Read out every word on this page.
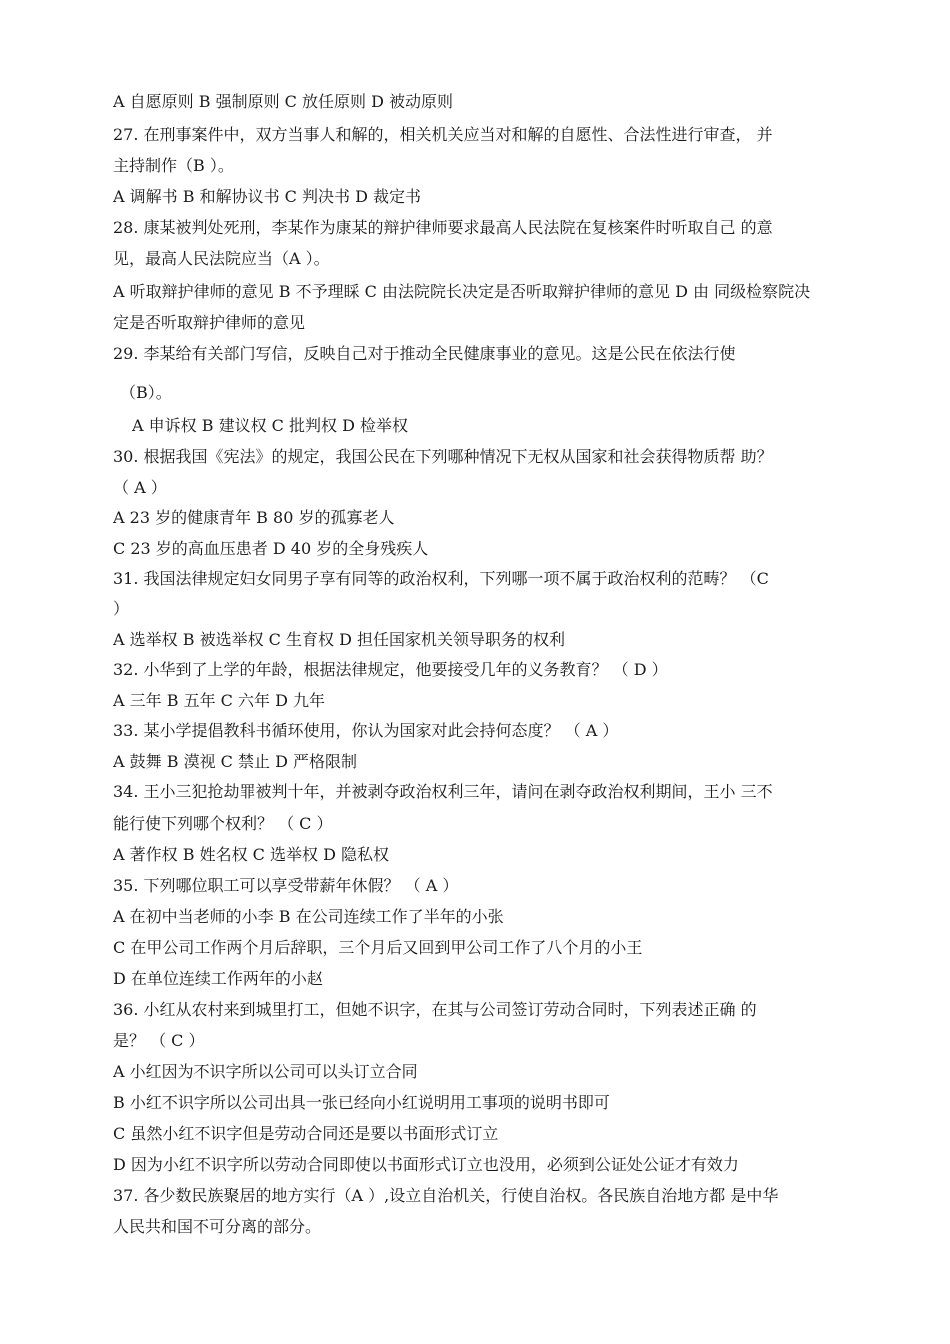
A 自愿原则 B 强制原则 C 放任原则 D 被动原则
27. 在刑事案件中，双方当事人和解的，相关机关应当对和解的自愿性、合法性进行审查， 并
主持制作（B ）。
A 调解书 B 和解协议书 C 判决书 D 裁定书
28. 康某被判处死刑，李某作为康某的辩护律师要求最高人民法院在复核案件时听取自己 的意
见，最高人民法院应当（A ）。
A 听取辩护律师的意见 B 不予理睬 C 由法院院长决定是否听取辩护律师的意见 D 由 同级检察院决
定是否听取辩护律师的意见
29. 李某给有关部门写信，反映自己对于推动全民健康事业的意见。这是公民在依法行使
（B）。
A 申诉权 B 建议权 C 批判权 D 检举权
30. 根据我国《宪法》的规定，我国公民在下列哪种情况下无权从国家和社会获得物质帮 助？
（ A ）
A 23 岁的健康青年 B 80 岁的孤寡老人
C 23 岁的高血压患者 D 40 岁的全身残疾人
31. 我国法律规定妇女同男子享有同等的政治权利，下列哪一项不属于政治权利的范畴？ （C
）
A 选举权 B 被选举权 C 生育权 D 担任国家机关领导职务的权利
32. 小华到了上学的年龄，根据法律规定，他要接受几年的义务教育？ （ D ）
A 三年 B 五年 C 六年 D 九年
33. 某小学提倡教科书循环使用，你认为国家对此会持何态度？ （ A ）
A 鼓舞 B 漠视 C 禁止 D 严格限制
34. 王小三犯抢劫罪被判十年，并被剥夺政治权利三年，请问在剥夺政治权利期间，王小 三不
能行使下列哪个权利？ （ C ）
A 著作权 B 姓名权 C 选举权 D 隐私权
35. 下列哪位职工可以享受带薪年休假？ （ A ）
A 在初中当老师的小李 B 在公司连续工作了半年的小张
C 在甲公司工作两个月后辞职，三个月后又回到甲公司工作了八个月的小王
D 在单位连续工作两年的小赵
36. 小红从农村来到城里打工，但她不识字，在其与公司签订劳动合同时，下列表述正确 的
是？ （ C ）
A 小红因为不识字所以公司可以头订立合同
B 小红不识字所以公司出具一张已经向小红说明用工事项的说明书即可
C 虽然小红不识字但是劳动合同还是要以书面形式订立
D 因为小红不识字所以劳动合同即使以书面形式订立也没用，必须到公证处公证才有效力
37. 各少数民族聚居的地方实行（A ）,设立自治机关，行使自治权。各民族自治地方都 是中华
人民共和国不可分离的部分。
